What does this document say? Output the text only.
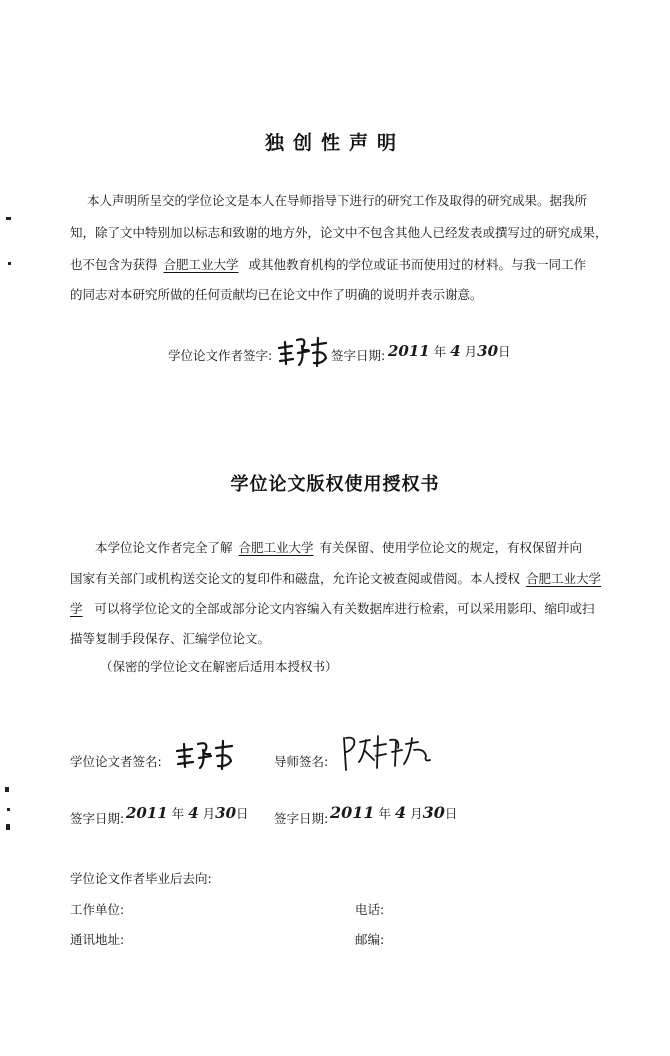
独创性声明
本人声明所呈交的学位论文是本人在导师指导下进行的研究工作及取得的研究成果。据我所
知，除了文中特别加以标志和致谢的地方外，论文中不包含其他人已经发表或撰写过的研究成果，
也不包含为获得 合肥工业大学 或其他教育机构的学位或证书而使用过的材料。与我一同工作
的同志对本研究所做的任何贡献均已在论文中作了明确的说明并表示谢意。
学位论文作者签字:	签字日期: 2011 年 4 月30日
学位论文版权使用授权书
本学位论文作者完全了解 合肥工业大学 有关保留、使用学位论文的规定，有权保留并向
国家有关部门或机构送交论文的复印件和磁盘，允许论文被查阅或借阅。本人授权 合肥工业大学
学 可以将学位论文的全部或部分论文内容编入有关数据库进行检索，可以采用影印、缩印或扫
描等复制手段保存、汇编学位论文。
（保密的学位论文在解密后适用本授权书）
学位论文者签名:	导师签名:
签字日期: 2011 年 4 月30日 签字日期: 2011 年 4 月30日
学位论文作者毕业后去向:
工作单位:	电话:
通讯地址:	邮编:
